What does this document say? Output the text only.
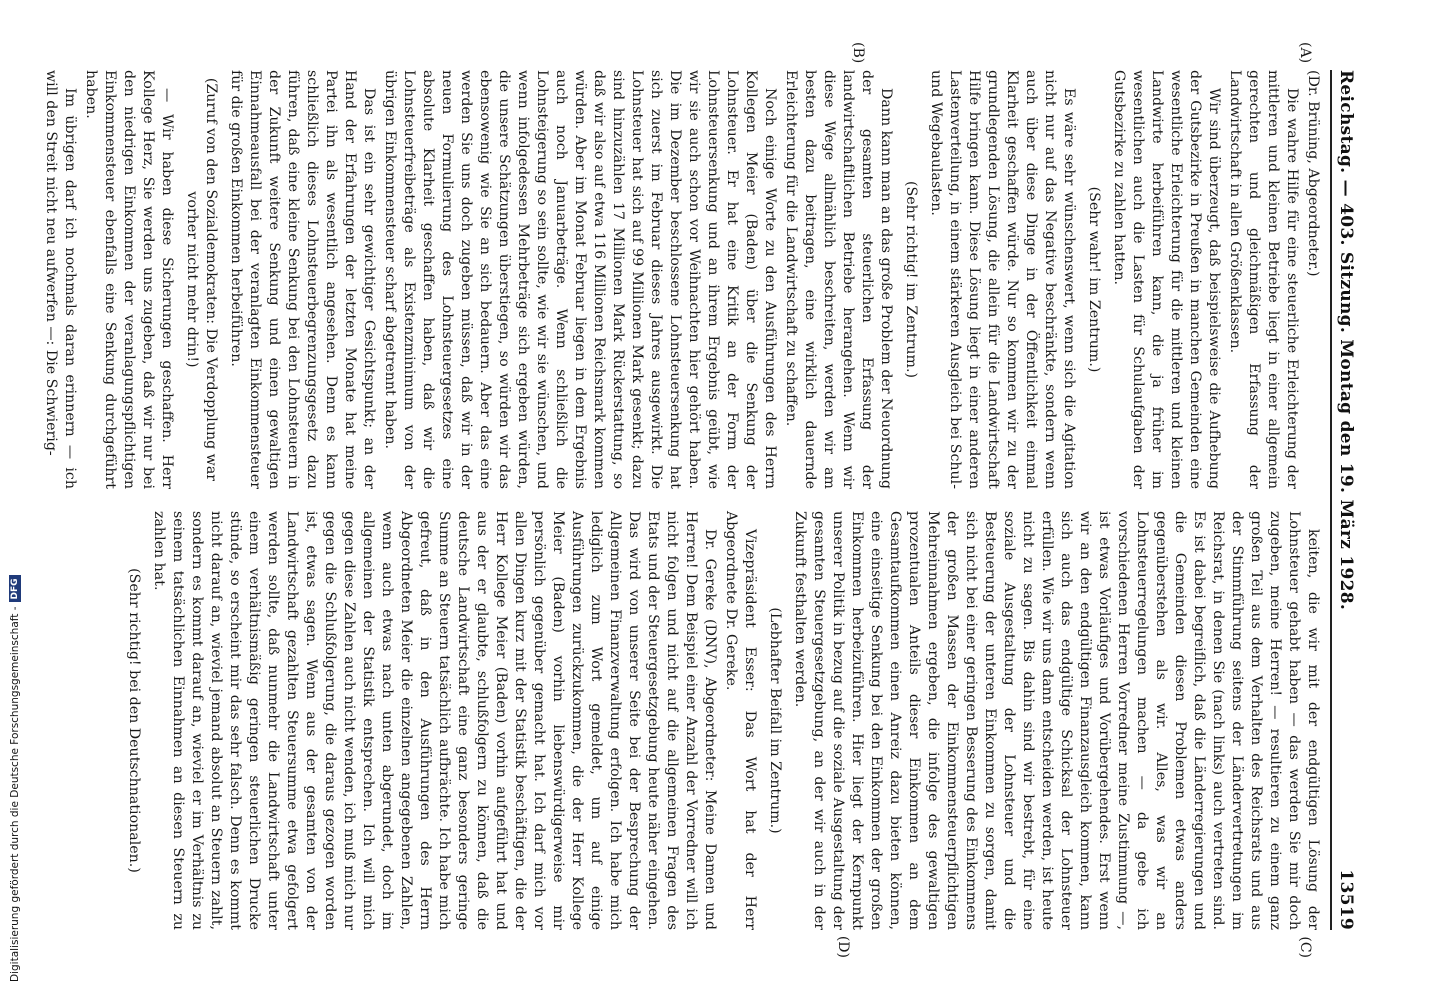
Reichstag. — 403. Sitzung. Montag den 19. März 1928.
13519
(A)
(B)

(Dr. Brüning, Abgeordneter.)

Die wahre Hilfe für eine steuerliche Erleichterung der mittleren und kleinen Betriebe liegt in einer allgemein gerechten und gleichmäßigen Erfassung der Landwirtschaft in allen Größenklassen.

Wir sind überzeugt, daß beispielsweise die Aufhebung der Gutsbezirke in Preußen in manchen Gemeinden eine wesentliche Erleichterung für die mittleren und kleinen Landwirte herbeiführen kann, die ja früher im wesentlichen auch die Lasten für Schulaufgaben der Gutsbezirke zu zahlen hatten.

(Sehr wahr! im Zentrum.)

Es wäre sehr wünschenswert, wenn sich die Agitation nicht nur auf das Negative beschränkte, sondern wenn auch über diese Dinge in der Öffentlichkeit einmal Klarheit geschaffen würde. Nur so kommen wir zu der grundlegenden Lösung, die allein für die Landwirtschaft Hilfe bringen kann. Diese Lösung liegt in einer anderen Lastenverteilung, in einem stärkeren Ausgleich bei Schul- und Wegebaulasten.

(Sehr richtig! im Zentrum.)

Dann kann man an das große Problem der Neuordnung der gesamten steuerlichen Erfassung der landwirtschaftlichen Betriebe herangehen. Wenn wir diese Wege allmählich beschreiten, werden wir am besten dazu beitragen, eine wirklich dauernde Erleichterung für die Landwirtschaft zu schaffen.

Noch einige Worte zu den Ausführungen des Herrn Kollegen Meier (Baden) über die Senkung der Lohnsteuer. Er hat eine Kritik an der Form der Lohnsteuersenkung und an ihrem Ergebnis geübt, wie wir sie auch schon vor Weihnachten hier gehört haben. Die im Dezember beschlossene Lohnsteuersenkung hat sich zuerst im Februar dieses Jahres ausgewirkt. Die Lohnsteuer hat sich auf 99 Millionen Mark gesenkt; dazu sind hinzuzählen 17 Millionen Mark Rückerstattung, so daß wir also auf etwa 116 Millionen Reichsmark kommen würden. Aber im Monat Februar liegen in dem Ergebnis auch noch Januarbeträge. Wenn schließlich die Lohnsteigerung so sein sollte, wie wir sie wünschen, und wenn infolgedessen Mehrbeträge sich ergeben würden, die unsere Schätzungen überstiegen, so würden wir das ebensowenig wie Sie an sich bedauern. Aber das eine werden Sie uns doch zugeben müssen, daß wir in der neuen Formulierung des Lohnsteuergesetzes eine absolute Klarheit geschaffen haben, daß wir die Lohnsteuerfreibeträge als Existenzminimum von der übrigen Einkommensteuer scharf abgetrennt haben.

Das ist ein sehr gewichtiger Gesichtspunkt; an der Hand der Erfahrungen der letzten Monate hat meine Partei ihn als wesentlich angesehen. Denn es kann schließlich dieses Lohnsteuerbegrenzungsgesetz dazu führen, daß eine kleine Senkung bei den Lohnsteuern in der Zukunft weitere Senkung und einen gewaltigen Einnahmeausfall bei der veranlagten Einkommensteuer für die großen Einkommen herbeiführen.

(Zuruf von den Sozialdemokraten: Die Verdopplung war vorher nicht mehr drin!)

— Wir haben diese Sicherungen geschaffen. Herr Kollege Herz, Sie werden uns zugeben, daß wir nur bei den niedrigen Einkommen der veranlagungspflichtigen Einkommensteuer ebenfalls eine Senkung durchgeführt haben.

Im übrigen darf ich nochmals daran erinnern — ich will den Streit nicht neu aufwerfen —: Die Schwierig-

(C)
(D)

keiten, die wir mit der endgültigen Lösung der Lohnsteuer gehabt haben — das werden Sie mir doch zugeben, meine Herren! — resultieren zu einem ganz großen Teil aus dem Verhalten des Reichsrats und aus der Stimmführung seitens der Ländervertretungen im Reichsrat, in denen Sie (nach links) auch vertreten sind. Es ist dabei begreiflich, daß die Länderregierungen und die Gemeinden diesen Problemen etwas anders gegenüberstehen als wir. Alles, was wir an Lohnsteuerregelungen machen — da gebe ich vorschiedenen Herren Vorredner meine Zustimmung —, ist etwas Vorläufiges und Vorübergehendes. Erst wenn wir an den endgültigen Finanzausgleich kommen, kann sich auch das endgültige Schicksal der Lohnsteuer erfüllen. Wie wir uns dann entscheiden werden, ist heute nicht zu sagen. Bis dahin sind wir bestrebt, für eine soziale Ausgestaltung der Lohnsteuer und die Besteuerung der unteren Einkommen zu sorgen, damit sich nicht bei einer geringen Besserung des Einkommens der großen Massen der Einkommensteuerpflichtigen Mehreinnahmen ergeben, die infolge des gewaltigen prozentualen Anteils dieser Einkommen an dem Gesamtaufkommen einen Anreiz dazu bieten können, eine einseitige Senkung bei den Einkommen der großen Einkommen herbeizuführen. Hier liegt der Kernpunkt unserer Politik in bezug auf die soziale Ausgestaltung der gesamten Steuergesetzgebung, an der wir auch in der Zukunft festhalten werden.

(Lebhafter Beifall im Zentrum.)

Vizepräsident Esser: Das Wort hat der Herr Abgeordnete Dr. Gereke.

Dr. Gereke (DNV), Abgeordneter: Meine Damen und Herren! Dem Beispiel einer Anzahl der Vorredner will ich nicht folgen und nicht auf die allgemeinen Fragen des Etats und der Steuergesetzgebung heute näher eingehen. Das wird von unserer Seite bei der Besprechung der Allgemeinen Finanzverwaltung erfolgen. Ich habe mich lediglich zum Wort gemeldet, um auf einige Ausführungen zurückzukommen, die der Herr Kollege Meier (Baden) vorhin liebenswürdigerweise mir persönlich gegenüber gemacht hat. Ich darf mich vor allen Dingen kurz mit der Statistik beschäftigen, die der Herr Kollege Meier (Baden) vorhin aufgeführt hat und aus der er glaubte, schlußfolgern zu können, daß die deutsche Landwirtschaft eine ganz besonders geringe Summe an Steuern tatsächlich aufbrächte. Ich habe mich gefreut, daß in den Ausführungen des Herrn Abgeordneten Meier die einzelnen angegebenen Zahlen, wenn auch etwas nach unten abgerundet, doch im allgemeinen der Statistik entsprechen. Ich will mich gegen diese Zahlen auch nicht wenden, ich muß mich nur gegen die Schlußfolgerung, die daraus gezogen worden ist, etwas sagen. Wenn aus der gesamten von der Landwirtschaft gezahlten Steuersumme etwa gefolgert werden sollte, daß nunmehr die Landwirtschaft unter einem verhältnismäßig geringen steuerlichen Drucke stünde, so erscheint mir das sehr falsch. Denn es kommt nicht darauf an, wieviel jemand absolut an Steuern zahlt, sondern es kommt darauf an, wieviel er im Verhältnis zu seinem tatsächlichen Einnahmen an diesen Steuern zu zahlen hat.

(Sehr richtig! bei den Deutschnationalen.)

Digitalisierung gefördert durch die Deutsche Forschungsgemeinschaft -
DFG
